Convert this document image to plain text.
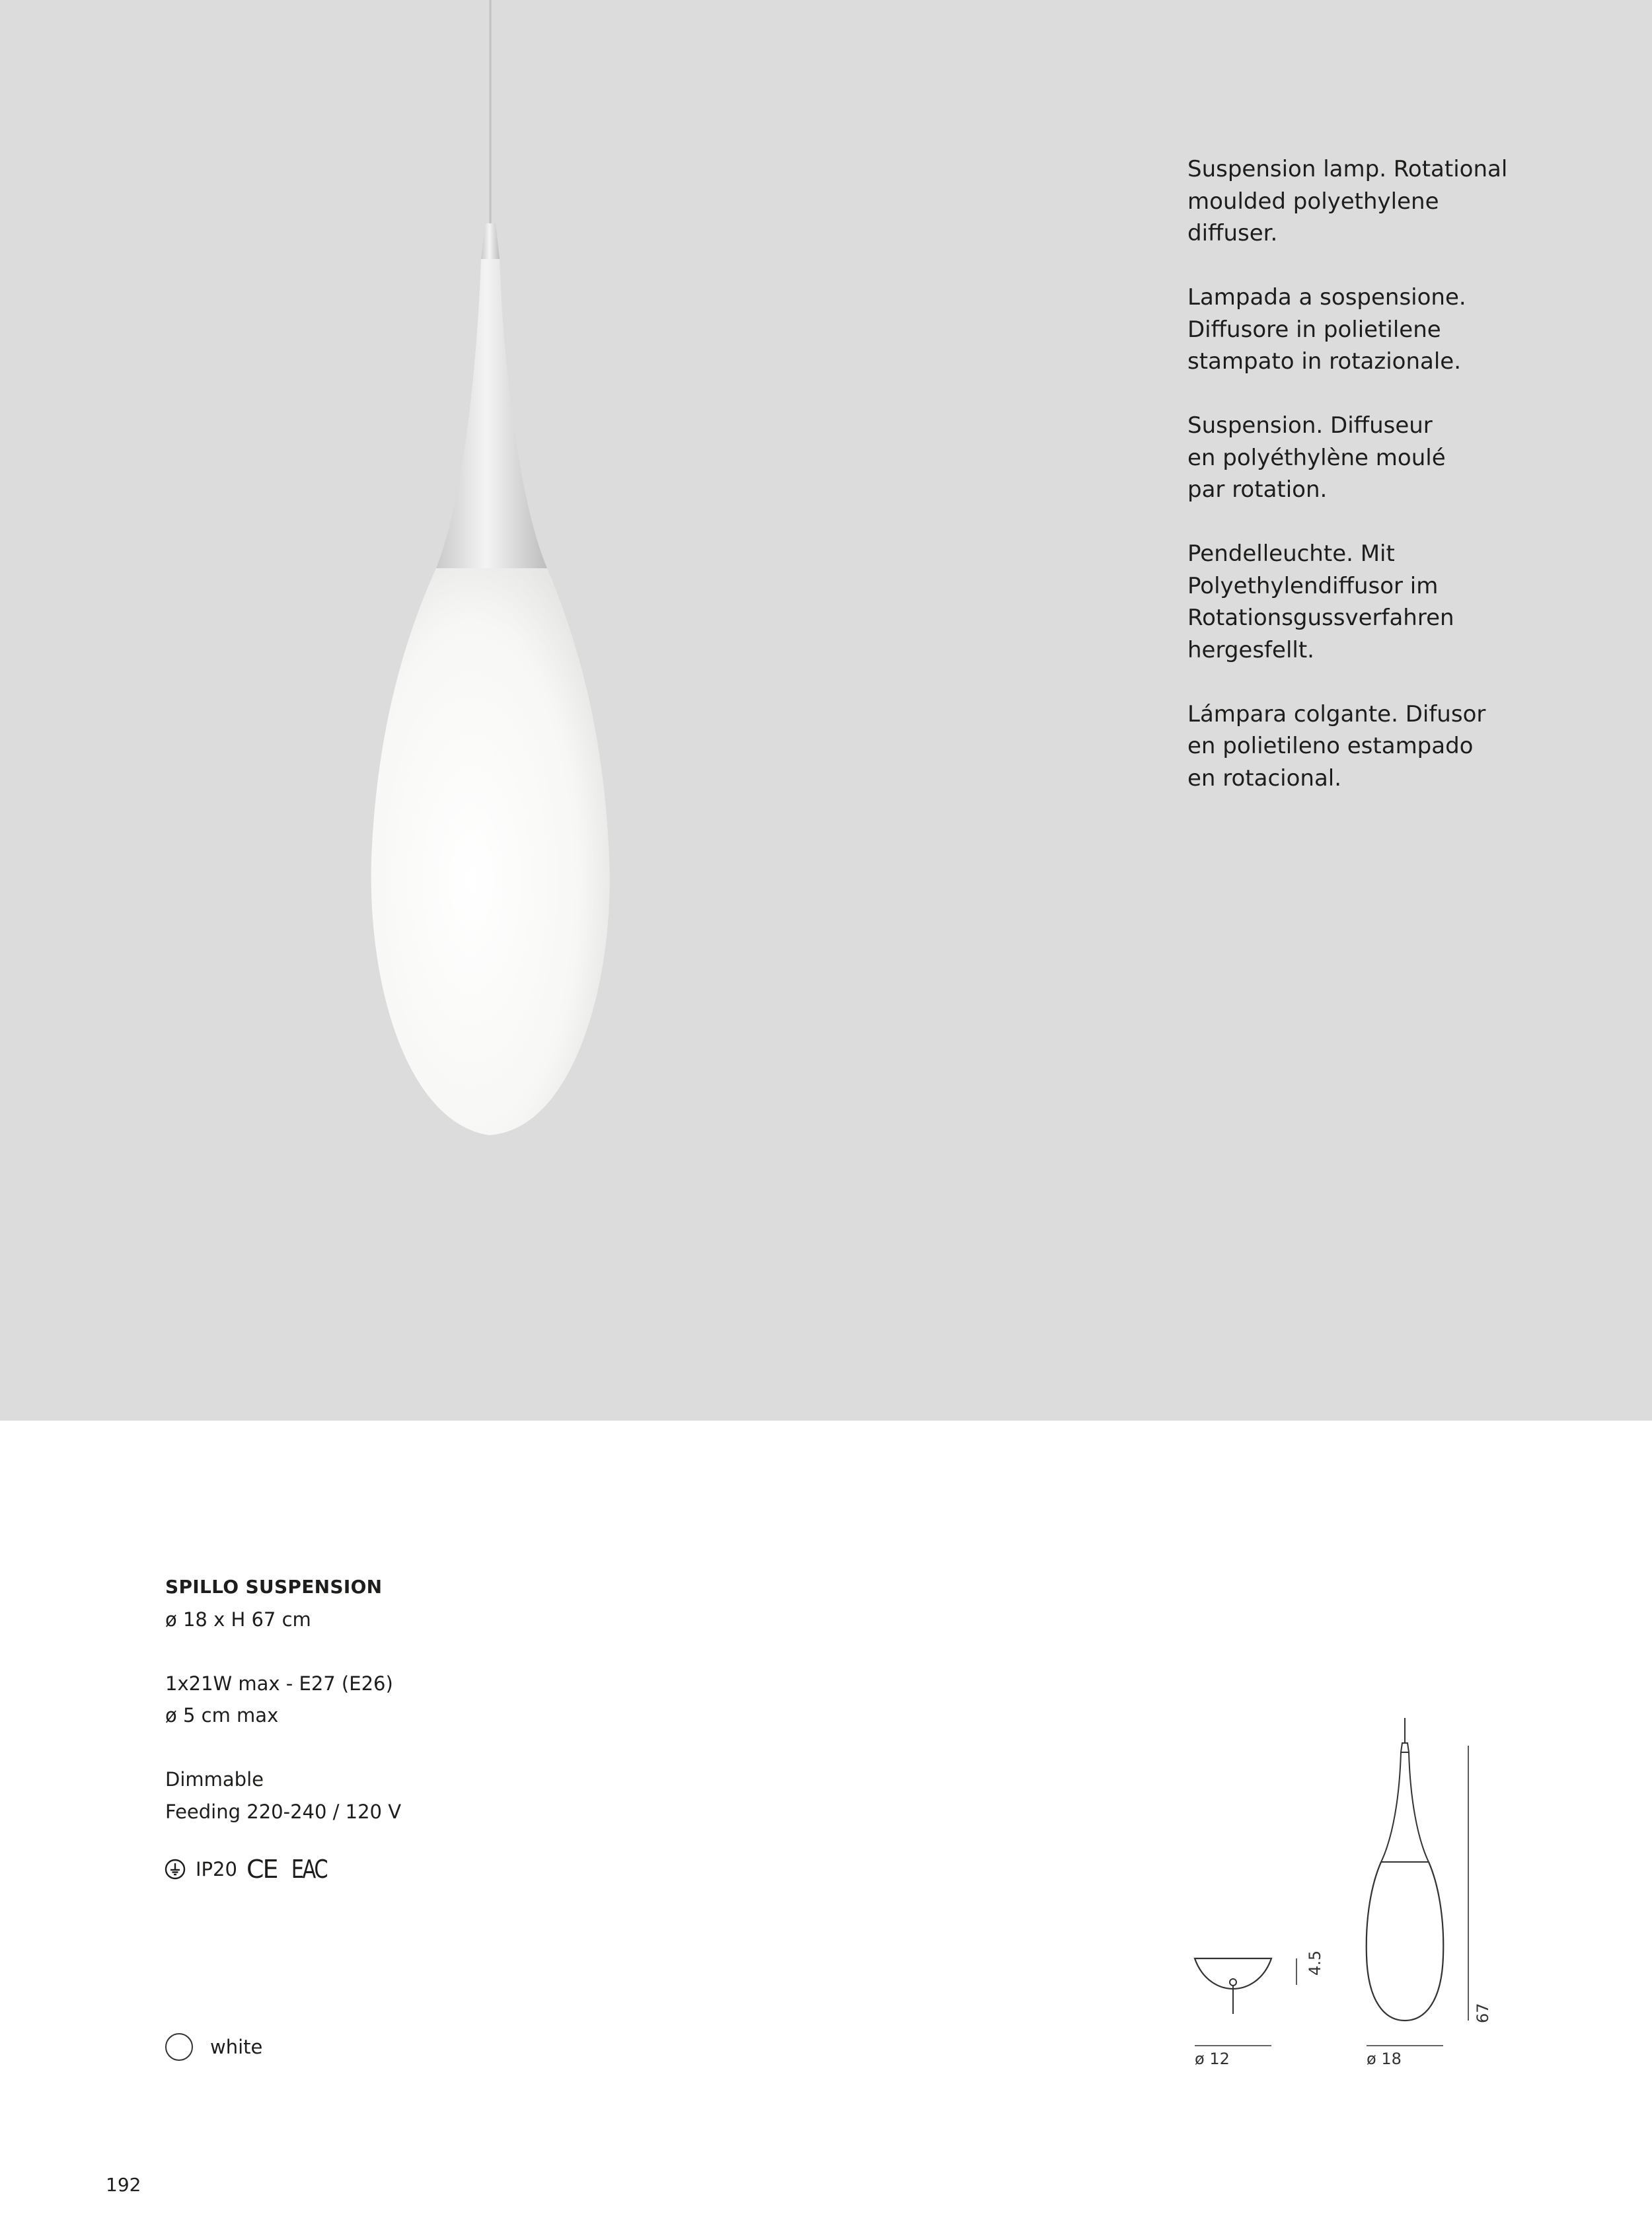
Suspension lamp. Rotational
moulded polyethylene
diffuser.

Lampada a sospensione.
Diffusore in polietilene
stampato in rotazionale.

Suspension. Diffuseur
en polyéthylène moulé
par rotation.

Pendelleuchte. Mit
Polyethylendiffusor im
Rotationsgussverfahren
hergesfellt.

Lámpara colgante. Difusor
en polietileno estampado
en rotacional.

SPILLO SUSPENSION
ø 18 x H 67 cm
1x21W max - E27 (E26)
ø 5 cm max
Dimmable
Feeding 220-240 / 120 V
IP20 CE EAC
white
4.5
ø 12
67
ø 18
192
